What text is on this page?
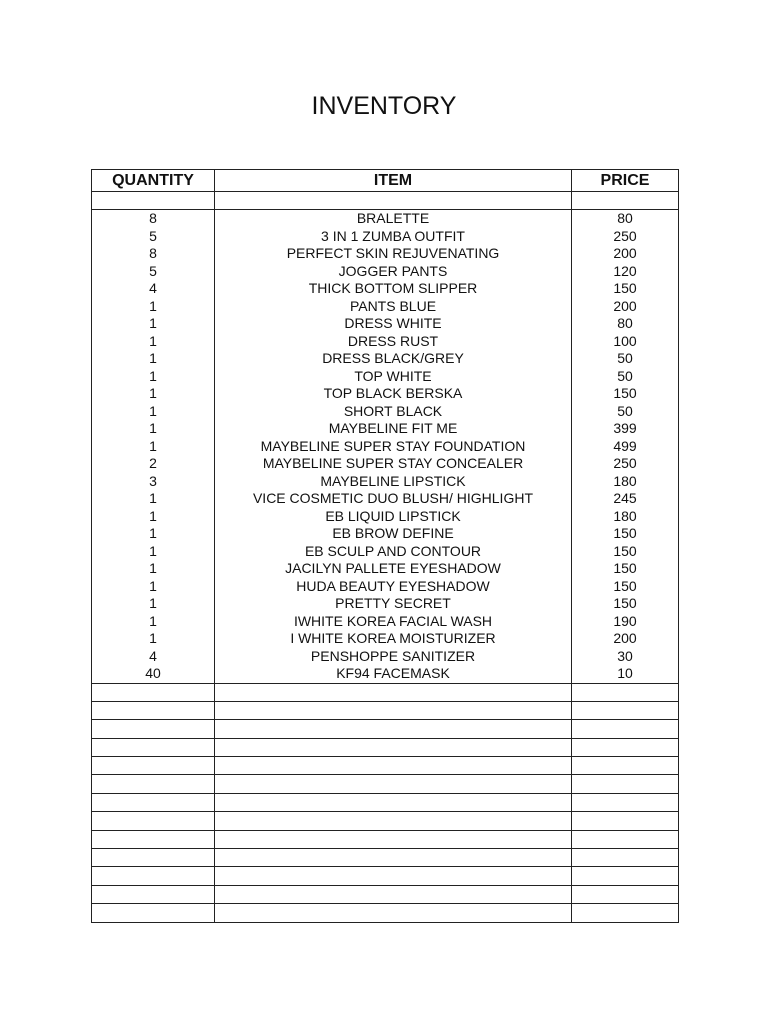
INVENTORY
QUANTITY	ITEM	PRICE

8	BRALETTE	80
5	3 IN 1 ZUMBA OUTFIT	250
8	PERFECT SKIN REJUVENATING	200
5	JOGGER PANTS	120
4	THICK BOTTOM SLIPPER	150
1	PANTS BLUE	200
1	DRESS WHITE	80
1	DRESS RUST	100
1	DRESS BLACK/GREY	50
1	TOP WHITE	50
1	TOP BLACK BERSKA	150
1	SHORT BLACK	50
1	MAYBELINE FIT ME	399
1	MAYBELINE SUPER STAY FOUNDATION	499
2	MAYBELINE SUPER STAY CONCEALER	250
3	MAYBELINE LIPSTICK	180
1	VICE COSMETIC DUO BLUSH/ HIGHLIGHT	245
1	EB LIQUID LIPSTICK	180
1	EB BROW DEFINE	150
1	EB SCULP AND CONTOUR	150
1	JACILYN PALLETE EYESHADOW	150
1	HUDA BEAUTY EYESHADOW	150
1	PRETTY SECRET	150
1	IWHITE KOREA FACIAL WASH	190
1	I WHITE KOREA MOISTURIZER	200
4	PENSHOPPE SANITIZER	30
40	KF94 FACEMASK	10
